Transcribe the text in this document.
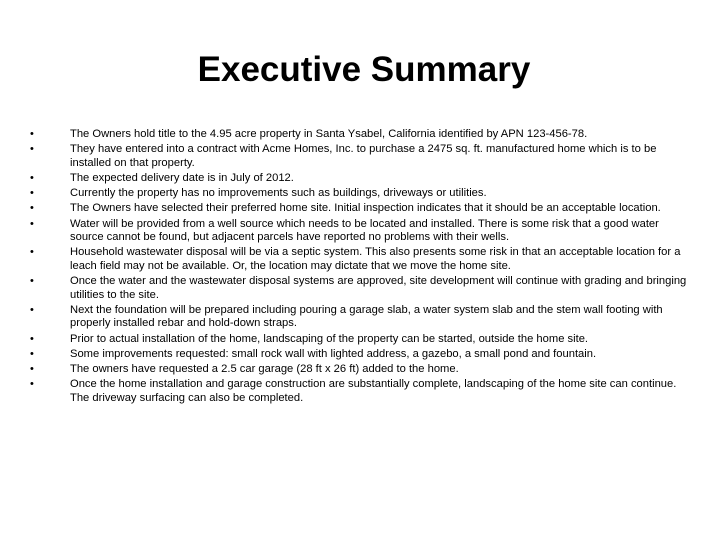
Executive Summary
•	The Owners hold title to the 4.95 acre property in Santa Ysabel, California identified by APN 123-456-78.
•	They have entered into a contract with Acme Homes, Inc. to purchase a 2475 sq. ft. manufactured home which is to be installed on that property.
•	The expected delivery date is in July of 2012.
•	Currently the property has no improvements such as buildings, driveways or utilities.
•	The Owners have selected their preferred home site. Initial inspection indicates that it should be an acceptable location.
•	Water will be provided from a well source which needs to be located and installed. There is some risk that a good water source cannot be found, but adjacent parcels have reported no problems with their wells.
•	Household wastewater disposal will be via a septic system. This also presents some risk in that an acceptable location for a leach field may not be available. Or, the location may dictate that we move the home site.
•	Once the water and the wastewater disposal systems are approved, site development will continue with grading and bringing utilities to the site.
•	Next the foundation will be prepared including pouring a garage slab, a water system slab and the stem wall footing with properly installed rebar and hold-down straps.
•	Prior to actual installation of the home, landscaping of the property can be started, outside the home site.
•	Some improvements requested: small rock wall with lighted address, a gazebo, a small pond and fountain.
•	The owners have requested a 2.5 car garage (28 ft x 26 ft) added to the home.
•	Once the home installation and garage construction are substantially complete, landscaping of the home site can continue. The driveway surfacing can also be completed.
